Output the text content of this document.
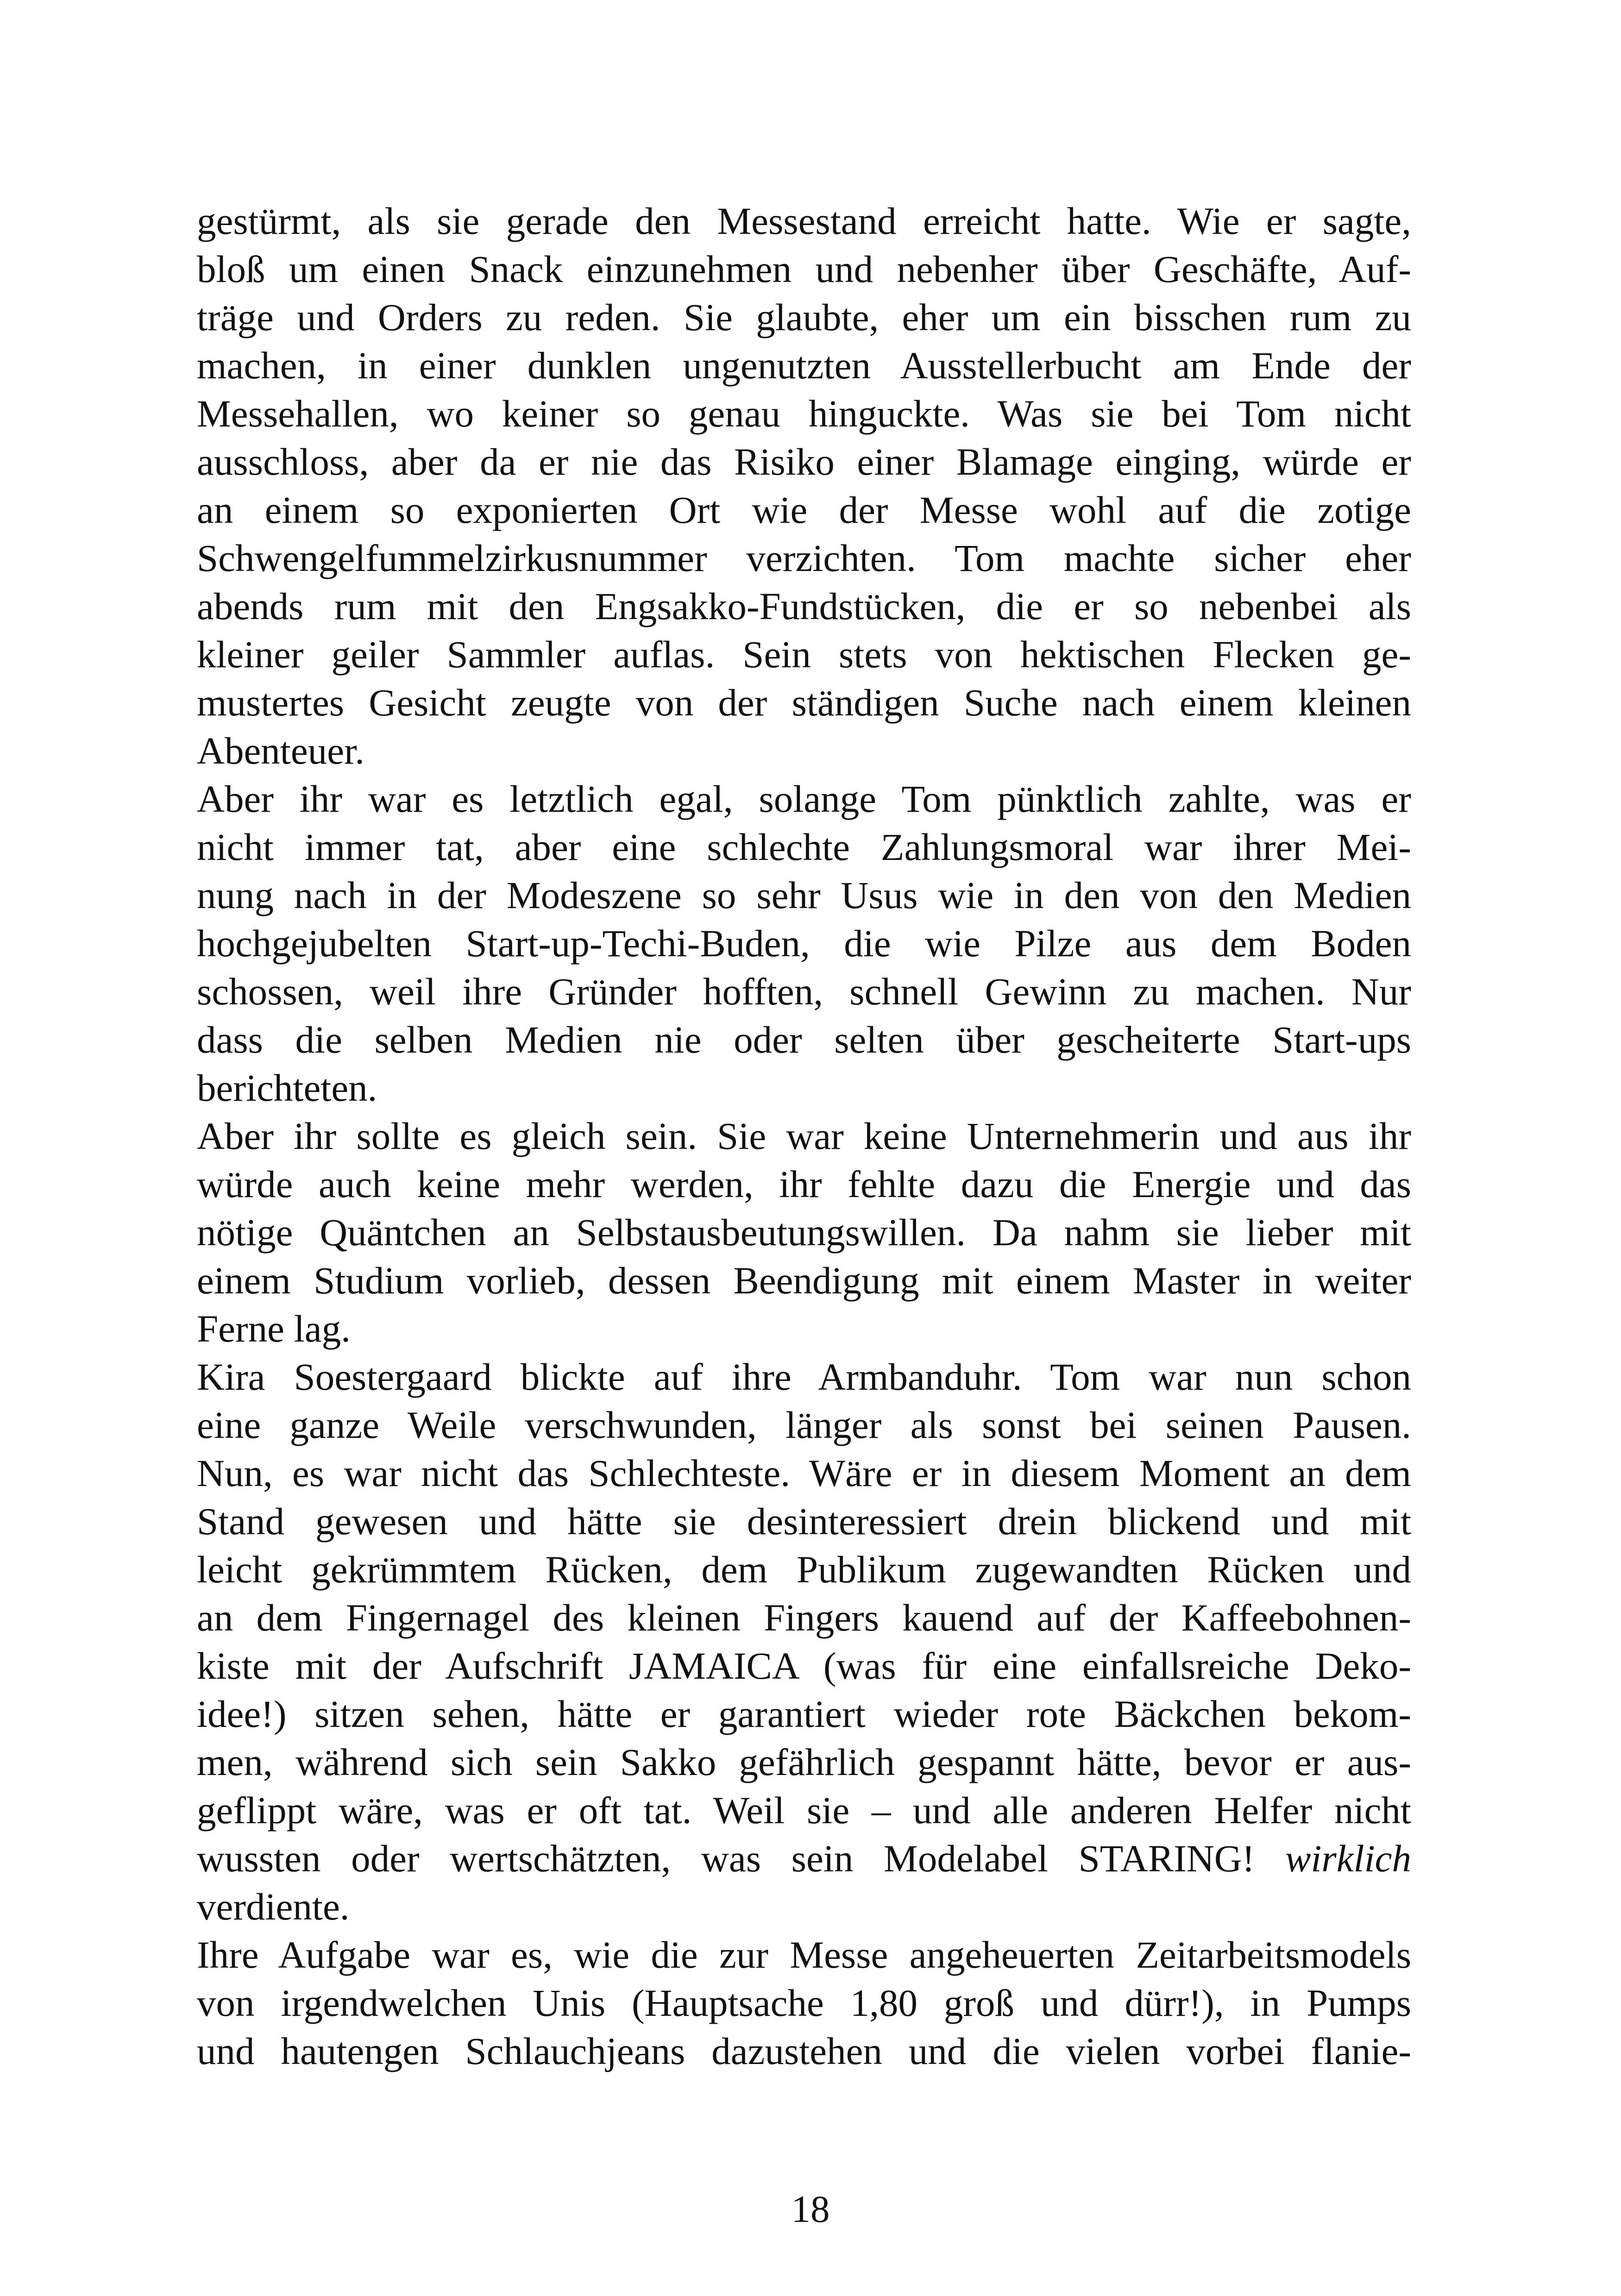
gestürmt, als sie gerade den Messestand erreicht hatte. Wie er sagte,
bloß um einen Snack einzunehmen und nebenher über Geschäfte, Auf-
träge und Orders zu reden. Sie glaubte, eher um ein bisschen rum zu
machen, in einer dunklen ungenutzten Ausstellerbucht am Ende der
Messehallen, wo keiner so genau hinguckte. Was sie bei Tom nicht
ausschloss, aber da er nie das Risiko einer Blamage einging, würde er
an einem so exponierten Ort wie der Messe wohl auf die zotige
Schwengelfummelzirkusnummer verzichten. Tom machte sicher eher
abends rum mit den Engsakko-Fundstücken, die er so nebenbei als
kleiner geiler Sammler auflas. Sein stets von hektischen Flecken ge-
mustertes Gesicht zeugte von der ständigen Suche nach einem kleinen
Abenteuer.
Aber ihr war es letztlich egal, solange Tom pünktlich zahlte, was er
nicht immer tat, aber eine schlechte Zahlungsmoral war ihrer Mei-
nung nach in der Modeszene so sehr Usus wie in den von den Medien
hochgejubelten Start-up-Techi-Buden, die wie Pilze aus dem Boden
schossen, weil ihre Gründer hofften, schnell Gewinn zu machen. Nur
dass die selben Medien nie oder selten über gescheiterte Start-ups
berichteten.
Aber ihr sollte es gleich sein. Sie war keine Unternehmerin und aus ihr
würde auch keine mehr werden, ihr fehlte dazu die Energie und das
nötige Quäntchen an Selbstausbeutungswillen. Da nahm sie lieber mit
einem Studium vorlieb, dessen Beendigung mit einem Master in weiter
Ferne lag.
Kira Soestergaard blickte auf ihre Armbanduhr. Tom war nun schon
eine ganze Weile verschwunden, länger als sonst bei seinen Pausen.
Nun, es war nicht das Schlechteste. Wäre er in diesem Moment an dem
Stand gewesen und hätte sie desinteressiert drein blickend und mit
leicht gekrümmtem Rücken, dem Publikum zugewandten Rücken und
an dem Fingernagel des kleinen Fingers kauend auf der Kaffeebohnen-
kiste mit der Aufschrift JAMAICA (was für eine einfallsreiche Deko-
idee!) sitzen sehen, hätte er garantiert wieder rote Bäckchen bekom-
men, während sich sein Sakko gefährlich gespannt hätte, bevor er aus-
geflippt wäre, was er oft tat. Weil sie – und alle anderen Helfer nicht
wussten oder wertschätzten, was sein Modelabel STARING! wirklich
verdiente.
Ihre Aufgabe war es, wie die zur Messe angeheuerten Zeitarbeitsmodels
von irgendwelchen Unis (Hauptsache 1,80 groß und dürr!), in Pumps
und hautengen Schlauchjeans dazustehen und die vielen vorbei flanie-
18
